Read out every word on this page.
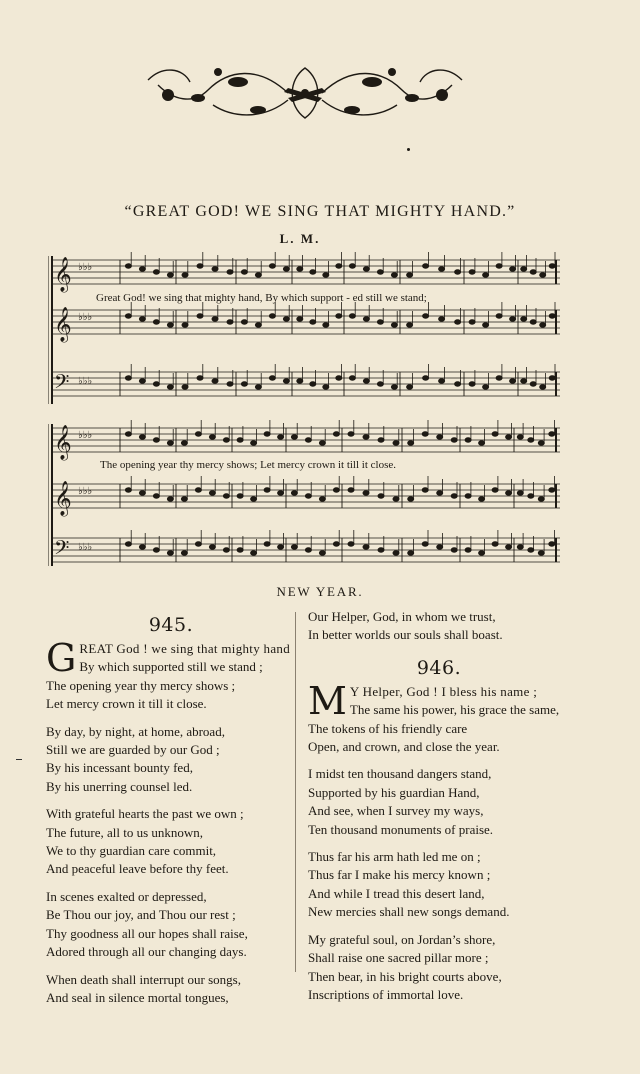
“GREAT GOD! WE SING THAT MIGHTY HAND.”
L. M.
𝄞
𝄞
𝄢
𝄞
𝄞
𝄢
♭♭♭
♭♭♭
♭♭♭
♭♭♭
♭♭♭
♭♭♭
Great God! we sing that mighty hand, By which support - ed still we stand;
The opening year thy mercy shows; Let mercy crown it till it close.
NEW YEAR.
945.
G REAT God ! we sing that mighty hand
By which supported still we stand ;
The opening year thy mercy shows ;
Let mercy crown it till it close.
By day, by night, at home, abroad,
Still we are guarded by our God ;
By his incessant bounty fed,
By his unerring counsel led.
With grateful hearts the past we own ;
The future, all to us unknown,
We to thy guardian care commit,
And peaceful leave before thy feet.
In scenes exalted or depressed,
Be Thou our joy, and Thou our rest ;
Thy goodness all our hopes shall raise,
Adored through all our changing days.
When death shall interrupt our songs,
And seal in silence mortal tongues,
Our Helper, God, in whom we trust,
In better worlds our souls shall boast.
946.
M Y Helper, God ! I bless his name ;
The same his power, his grace the same,
The tokens of his friendly care
Open, and crown, and close the year.
I midst ten thousand dangers stand,
Supported by his guardian Hand,
And see, when I survey my ways,
Ten thousand monuments of praise.
Thus far his arm hath led me on ;
Thus far I make his mercy known ;
And while I tread this desert land,
New mercies shall new songs demand.
My grateful soul, on Jordan’s shore,
Shall raise one sacred pillar more ;
Then bear, in his bright courts above,
Inscriptions of immortal love.
